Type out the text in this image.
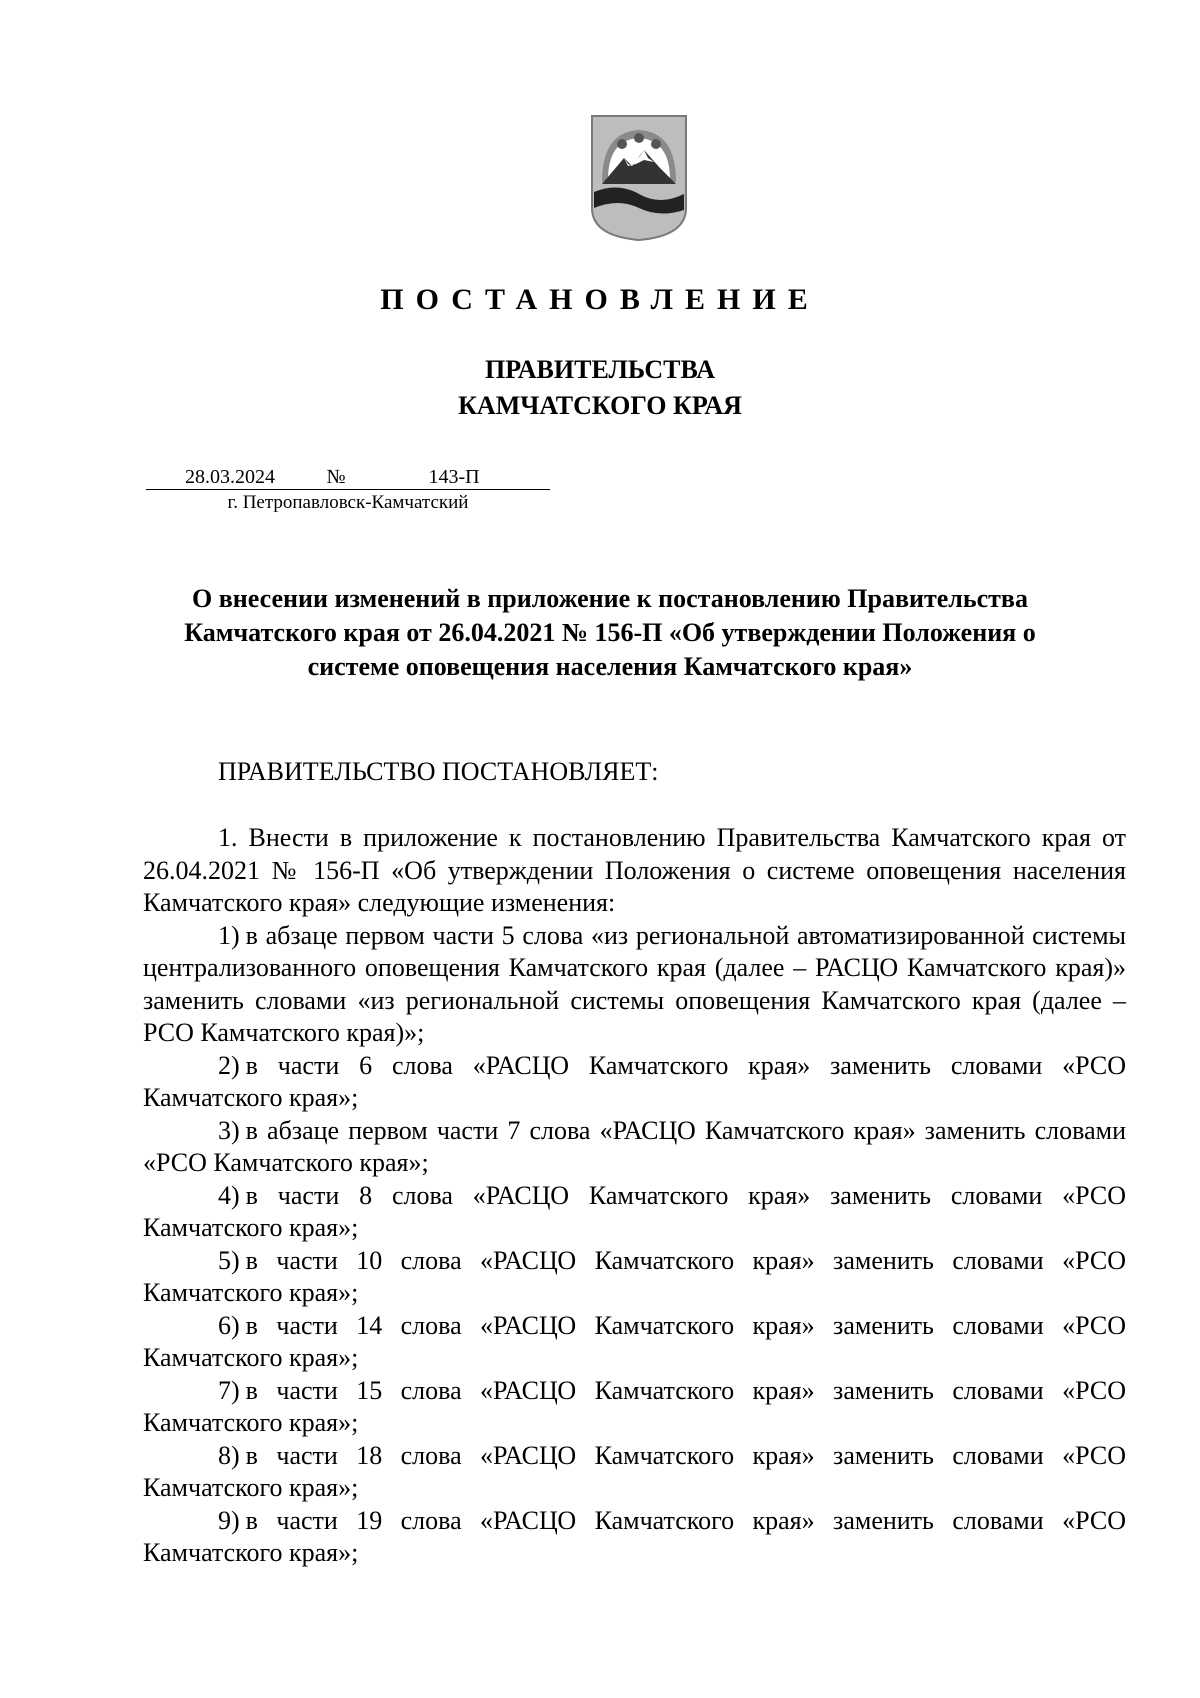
ПОСТАНОВЛЕНИЕ
ПРАВИТЕЛЬСТВА
КАМЧАТСКОГО КРАЯ
28.03.2024	№	143-П
г. Петропавловск-Камчатский
О внесении изменений в приложение к постановлению Правительства Камчатского края от 26.04.2021 № 156-П «Об утверждении Положения о системе оповещения населения Камчатского края»
ПРАВИТЕЛЬСТВО ПОСТАНОВЛЯЕТ:

1. Внести в приложение к постановлению Правительства Камчатского края от 26.04.2021 № 156-П «Об утверждении Положения о системе оповещения населения Камчатского края» следующие изменения:

1) в абзаце первом части 5 слова «из региональной автоматизированной системы централизованного оповещения Камчатского края (далее – РАСЦО Камчатского края)» заменить словами «из региональной системы оповещения Камчатского края (далее – РСО Камчатского края)»;

2) в части 6 слова «РАСЦО Камчатского края» заменить словами «РСО Камчатского края»;

3) в абзаце первом части 7 слова «РАСЦО Камчатского края» заменить словами «РСО Камчатского края»;

4) в части 8 слова «РАСЦО Камчатского края» заменить словами «РСО Камчатского края»;

5) в части 10 слова «РАСЦО Камчатского края» заменить словами «РСО Камчатского края»;

6) в части 14 слова «РАСЦО Камчатского края» заменить словами «РСО Камчатского края»;

7) в части 15 слова «РАСЦО Камчатского края» заменить словами «РСО Камчатского края»;

8) в части 18 слова «РАСЦО Камчатского края» заменить словами «РСО Камчатского края»;

9) в части 19 слова «РАСЦО Камчатского края» заменить словами «РСО Камчатского края»;
